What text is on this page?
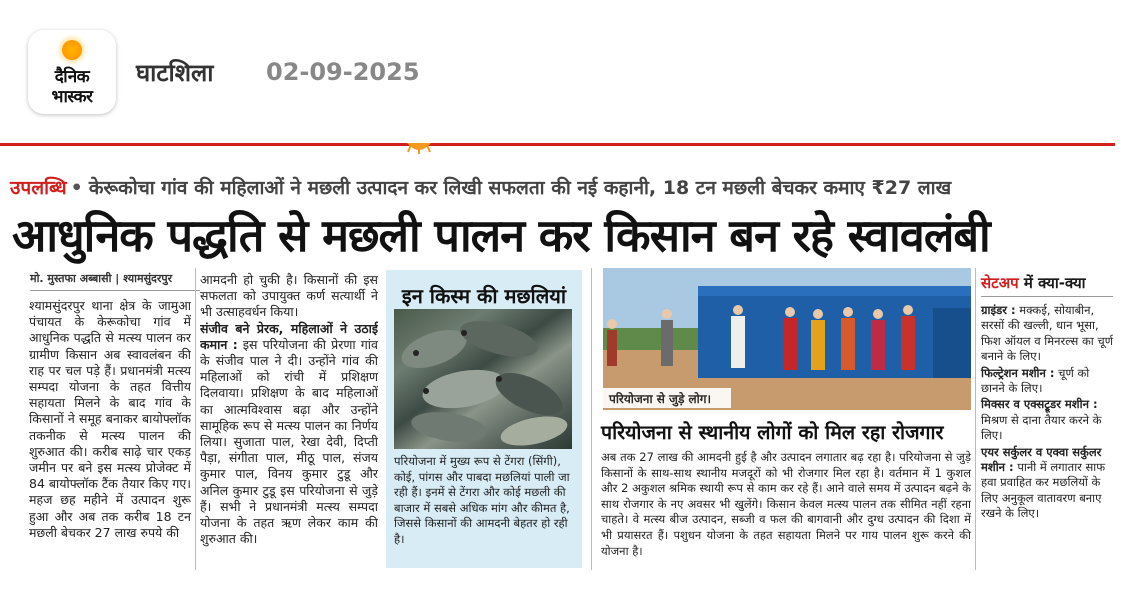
दैनिक
भास्कर
घाटशिला 02-09-2025
उपलब्धि • केरूकोचा गांव की महिलाओं ने मछली उत्पादन कर लिखी सफलता की नई कहानी, 18 टन मछली बेचकर कमाए ₹27 लाख
आधुनिक पद्धति से मछली पालन कर किसान बन रहे स्वावलंबी
मो. मुस्तफा अब्बासी | श्यामसुंदरपुर
श्यामसुंदरपुर थाना क्षेत्र के जामुआ पंचायत के केरूकोचा गांव में आधुनिक पद्धति से मत्स्य पालन कर ग्रामीण किसान अब स्वावलंबन की राह पर चल पड़े हैं। प्रधानमंत्री मत्स्य सम्पदा योजना के तहत वित्तीय सहायता मिलने के बाद गांव के किसानों ने समूह बनाकर बायोफ्लॉक तकनीक से मत्स्य पालन की शुरुआत की। करीब साढ़े चार एकड़ जमीन पर बने इस मत्स्य प्रोजेक्ट में 84 बायोफ्लॉक टैंक तैयार किए गए। महज छह महीने में उत्पादन शुरू हुआ और अब तक करीब 18 टन मछली बेचकर 27 लाख रुपये की
आमदनी हो चुकी है। किसानों की इस सफलता को उपायुक्त कर्ण सत्यार्थी ने भी उत्साहवर्धन किया।
संजीव बने प्रेरक, महिलाओं ने उठाई कमान : इस परियोजना की प्रेरणा गांव के संजीव पाल ने दी। उन्होंने गांव की महिलाओं को रांची में प्रशिक्षण दिलवाया। प्रशिक्षण के बाद महिलाओं का आत्मविश्वास बढ़ा और उन्होंने सामूहिक रूप से मत्स्य पालन का निर्णय लिया। सुजाता पाल, रेखा देवी, दिप्ती पैड़ा, संगीता पाल, मीठू पाल, संजय कुमार पाल, विनय कुमार टुडू और अनिल कुमार टुडू इस परियोजना से जुड़े हैं। सभी ने प्रधानमंत्री मत्स्य सम्पदा योजना के तहत ऋण लेकर काम की शुरुआत की।
इन किस्म की मछलियां
परियोजना में मुख्य रूप से टेंगरा (सिंगी), कोई, पांगस और पाबदा मछलियां पाली जा रही हैं। इनमें से टेंगरा और कोई मछली की बाजार में सबसे अधिक मांग और कीमत है, जिससे किसानों की आमदनी बेहतर हो रही है।
परियोजना से जुड़े लोग।
परियोजना से स्थानीय लोगों को मिल रहा रोजगार
अब तक 27 लाख की आमदनी हुई है और उत्पादन लगातार बढ़ रहा है। परियोजना से जुड़े किसानों के साथ-साथ स्थानीय मजदूरों को भी रोजगार मिल रहा है। वर्तमान में 1 कुशल और 2 अकुशल श्रमिक स्थायी रूप से काम कर रहे हैं। आने वाले समय में उत्पादन बढ़ने के साथ रोजगार के नए अवसर भी खुलेंगे। किसान केवल मत्स्य पालन तक सीमित नहीं रहना चाहते। वे मत्स्य बीज उत्पादन, सब्जी व फल की बागवानी और दुग्ध उत्पादन की दिशा में भी प्रयासरत हैं। पशुधन योजना के तहत सहायता मिलने पर गाय पालन शुरू करने की योजना है।
सेटअप में क्या-क्या
ग्राइंडर : मक्कई, सोयाबीन, सरसों की खल्ली, धान भूसा, फिश ऑयल व मिनरल्स का चूर्ण बनाने के लिए।
फिल्ट्रेशन मशीन : चूर्ण को छानने के लिए।
मिक्सर व एक्सट्रूडर मशीन : मिश्रण से दाना तैयार करने के लिए।
एयर सर्कुलर व एक्वा सर्कुलर मशीन : पानी में लगातार साफ हवा प्रवाहित कर मछलियों के लिए अनुकूल वातावरण बनाए रखने के लिए।
